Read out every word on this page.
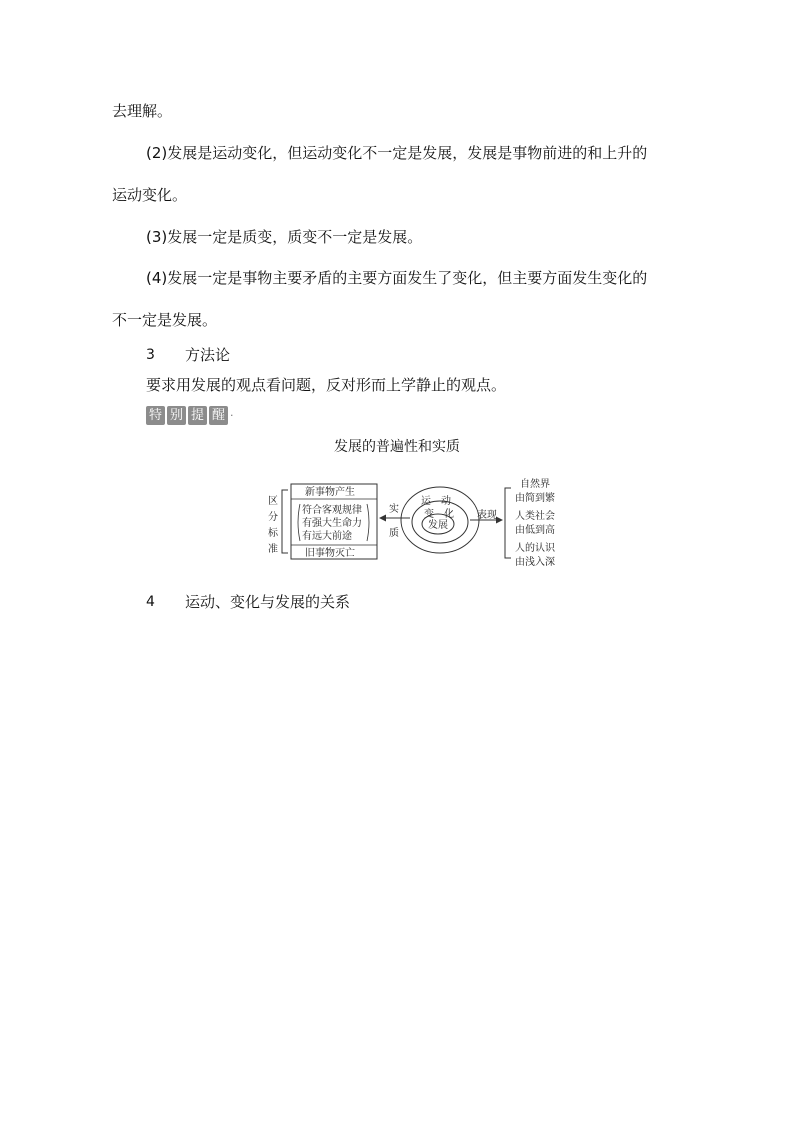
去理解。
(2)发展是运动变化，但运动变化不一定是发展，发展是事物前进的和上升的
运动变化。
(3)发展一定是质变，质变不一定是发展。
(4)发展一定是事物主要矛盾的主要方面发生了变化，但主要方面发生变化的
不一定是发展。
3 方法论
要求用发展的观点看问题，反对形而上学静止的观点。
特 别 提 醒 ·
发展的普遍性和实质
区
分
标
准
新事物产生
符合客观规律
有强大生命力
有远大前途
旧事物灭亡
实
质
运　动
变　化
发展
表现
自然界
由简到繁
人类社会
由低到高
人的认识
由浅入深
4 运动、变化与发展的关系
